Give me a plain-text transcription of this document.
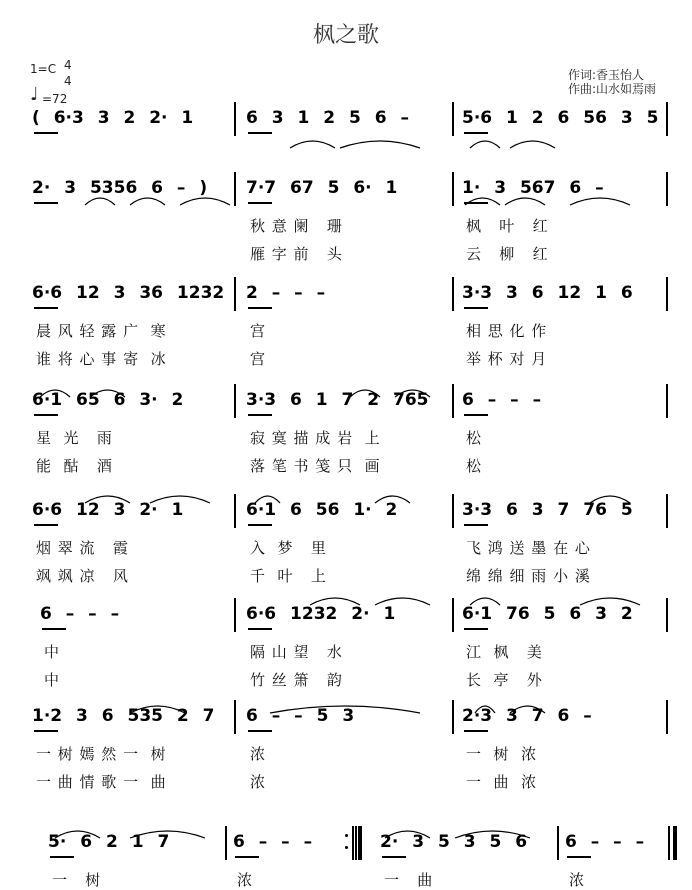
枫之歌
1=C 4
4
♩ =72
作词:香玉怡人
作曲:山水如焉雨
( 6·3 3 2 2· 1	6 3 1 2 5 6 –	5·6 1 2 6 56 3 5
2· 3 5356 6 – ) 7·7 67 5 6· 1
秋 意 阑   珊
雁 字 前   头
1· 3 567 6 –
枫   叶   红
云   柳   红
6·6 12 3 36 1232
晨 风 轻 露 广  寒
谁 将 心 事 寄  冰
2 – – –
宫
宫
3·3 3 6 12 1 6
相 思 化 作
举 杯 对 月
6·1 65 6 3· 2
星  光   雨
能  酤   酒
3·3 6 1 7 2 765
寂 寞 描 成 岩  上
落 笔 书 笺 只  画
6 – – –
松
松
6·6 12 3 2· 1
烟 翠 流   霞
飒 飒 凉   风
6·1 6 56 1· 2
入  梦   里
千  叶   上
3·3 6 3 7 76 5
飞 鸿 送 墨 在 心
绵 绵 细 雨 小 溪
6 – – –
中
中
6·6 1232 2· 1
隔 山 望   水
竹 丝 箫   韵
6·1 76 5 6 3 2
江  枫   美
长  亭   外
1·2 3 6 535 2 7
一 树 嫣 然 一  树
一 曲 情 歌 一  曲
6 – – 5 3
浓
浓
2·3 3 7 6 –
一  树  浓
一  曲  浓
5· 6 2 1 7
一   树
6 – – –
浓
2· 3 5 3 5 6
一   曲
6 – – –
浓
